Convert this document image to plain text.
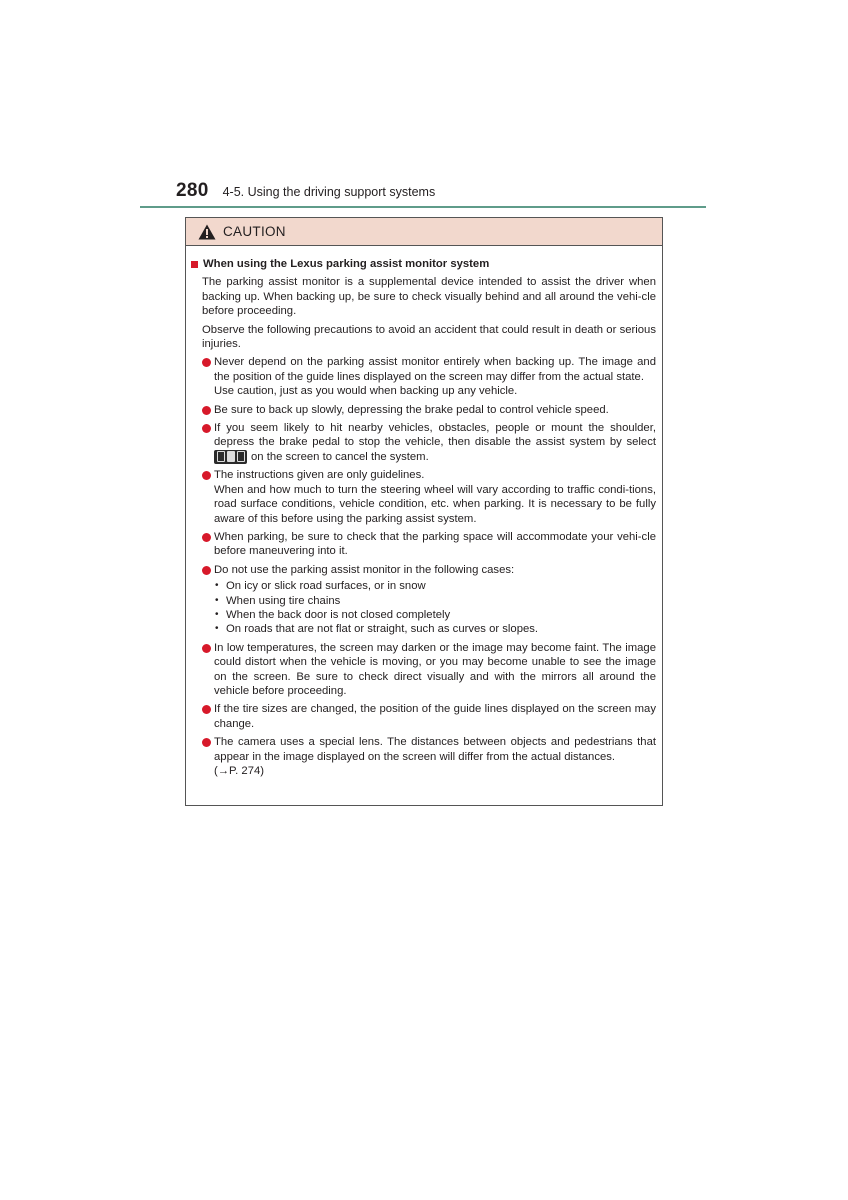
280 4-5. Using the driving support systems
CAUTION
When using the Lexus parking assist monitor system

The parking assist monitor is a supplemental device intended to assist the driver when backing up. When backing up, be sure to check visually behind and all around the vehi-cle before proceeding.

Observe the following precautions to avoid an accident that could result in death or serious injuries.

Never depend on the parking assist monitor entirely when backing up. The image and the position of the guide lines displayed on the screen may differ from the actual state.
Use caution, just as you would when backing up any vehicle.
Be sure to back up slowly, depressing the brake pedal to control vehicle speed.
If you seem likely to hit nearby vehicles, obstacles, people or mount the shoulder, depress the brake pedal to stop the vehicle, then disable the assist system by select
on the screen to cancel the system.
The instructions given are only guidelines.
When and how much to turn the steering wheel will vary according to traffic condi-tions, road surface conditions, vehicle condition, etc. when parking. It is necessary to be fully aware of this before using the parking assist system.
When parking, be sure to check that the parking space will accommodate your vehi-cle before maneuvering into it.
Do not use the parking assist monitor in the following cases:
• On icy or slick road surfaces, or in snow
• When using tire chains
• When the back door is not closed completely
• On roads that are not flat or straight, such as curves or slopes.
In low temperatures, the screen may darken or the image may become faint. The image could distort when the vehicle is moving, or you may become unable to see the image on the screen. Be sure to check direct visually and with the mirrors all around the vehicle before proceeding.
If the tire sizes are changed, the position of the guide lines displayed on the screen may change.
The camera uses a special lens. The distances between objects and pedestrians that appear in the image displayed on the screen will differ from the actual distances.
(→P. 274)
